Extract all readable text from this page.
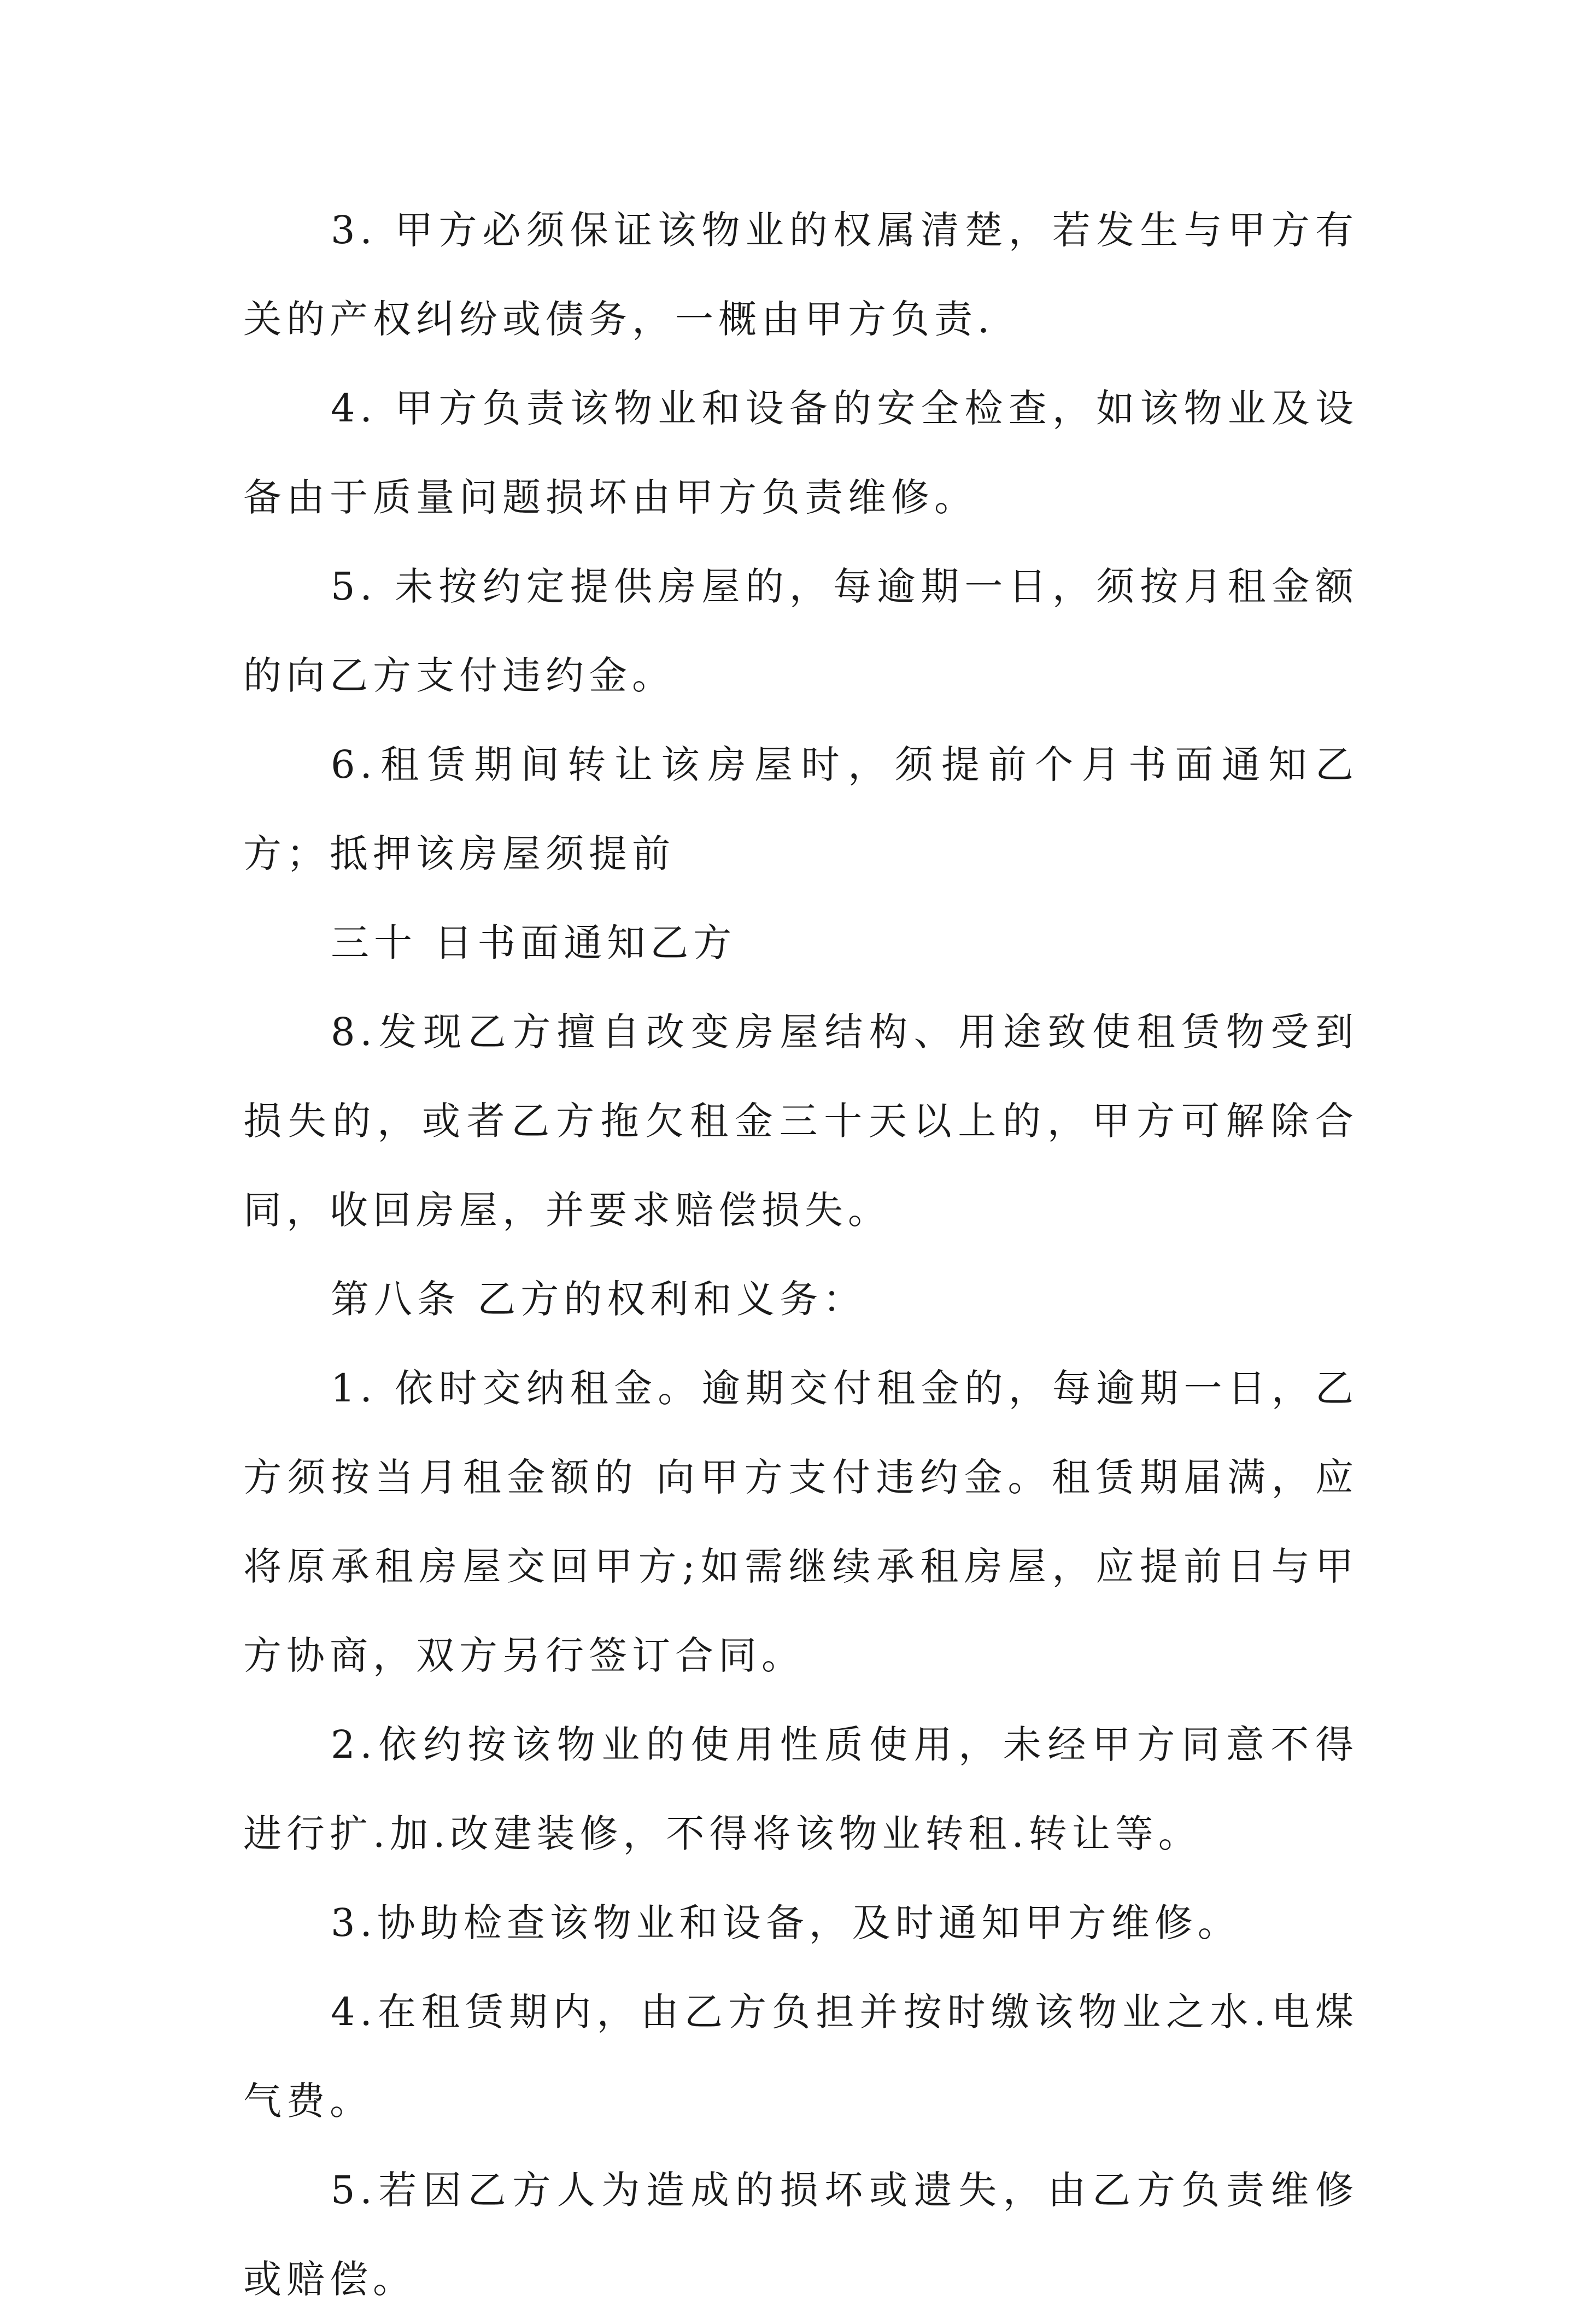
3. 甲方必须保证该物业的权属清楚，若发生与甲方有关的产权纠纷或债务，一概由甲方负责.

4. 甲方负责该物业和设备的安全检查，如该物业及设备由于质量问题损坏由甲方负责维修。

5. 未按约定提供房屋的，每逾期一日，须按月租金额的向乙方支付违约金。

6.租赁期间转让该房屋时，须提前个月书面通知乙方；抵押该房屋须提前

三十 日书面通知乙方

8.发现乙方擅自改变房屋结构、用途致使租赁物受到损失的，或者乙方拖欠租金三十天以上的，甲方可解除合同，收回房屋，并要求赔偿损失。

第八条 乙方的权利和义务：

1. 依时交纳租金。逾期交付租金的，每逾期一日，乙方须按当月租金额的 向甲方支付违约金。租赁期届满，应将原承租房屋交回甲方;如需继续承租房屋，应提前日与甲方协商，双方另行签订合同。

2.依约按该物业的使用性质使用，未经甲方同意不得进行扩.加.改建装修，不得将该物业转租.转让等。

3.协助检查该物业和设备，及时通知甲方维修。

4.在租赁期内，由乙方负担并按时缴该物业之水.电煤气费。

5.若因乙方人为造成的损坏或遗失，由乙方负责维修或赔偿。
